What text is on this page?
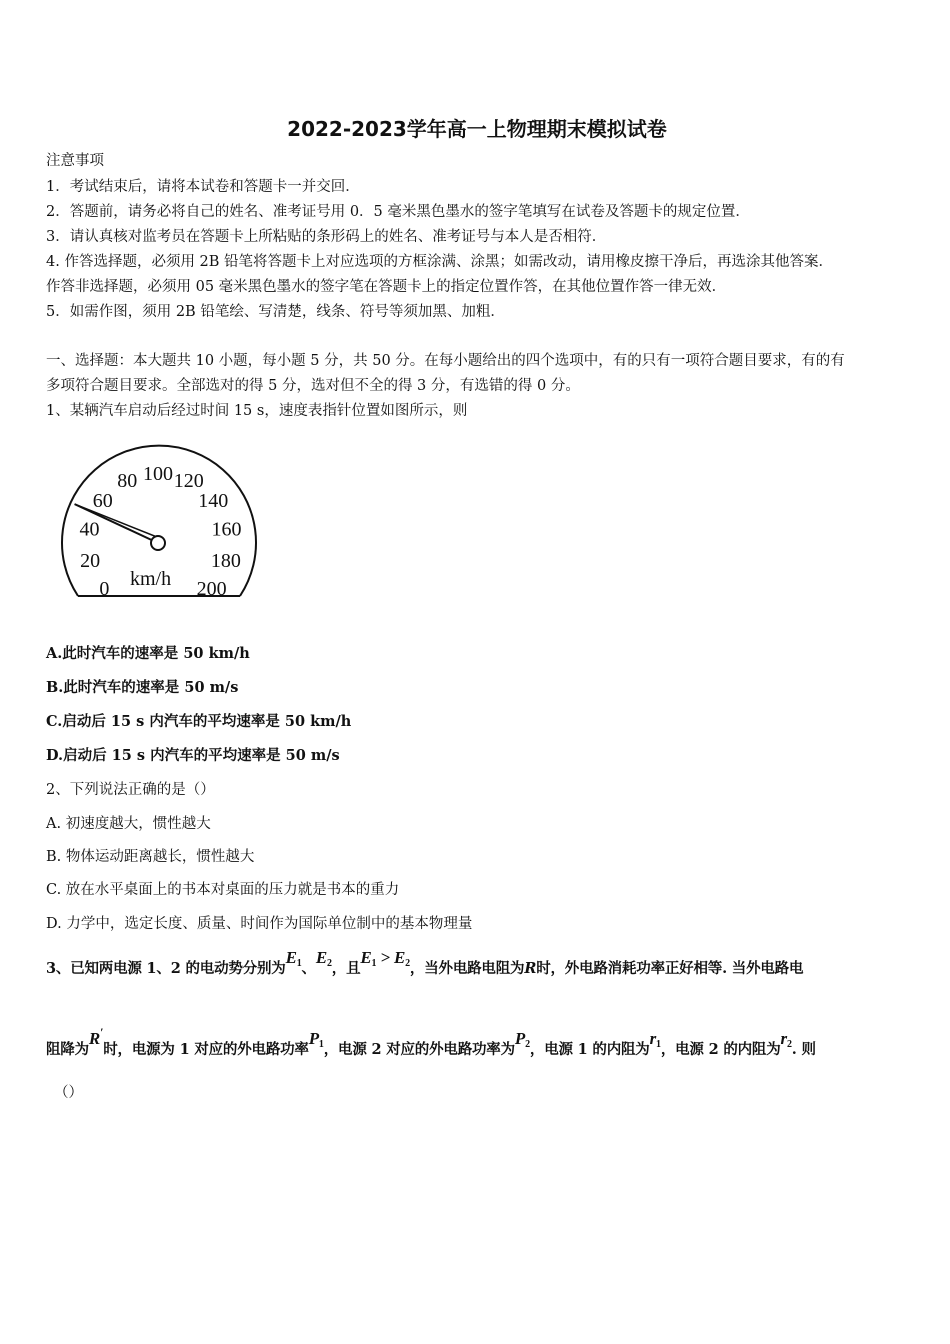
2022-2023学年高一上物理期末模拟试卷
注意事项
1．考试结束后，请将本试卷和答题卡一并交回．
2．答题前，请务必将自己的姓名、准考证号用 0．5 毫米黑色墨水的签字笔填写在试卷及答题卡的规定位置．
3．请认真核对监考员在答题卡上所粘贴的条形码上的姓名、准考证号与本人是否相符．
4. 作答选择题，必须用 2B 铅笔将答题卡上对应选项的方框涂满、涂黑；如需改动，请用橡皮擦干净后，再选涂其他答案．
作答非选择题，必须用 05 毫米黑色墨水的签字笔在答题卡上的指定位置作答，在其他位置作答一律无效．
5．如需作图，须用 2B 铅笔绘、写清楚，线条、符号等须加黑、加粗．
一、选择题：本大题共 10 小题，每小题 5 分，共 50 分。在每小题给出的四个选项中，有的只有一项符合题目要求，有的有
多项符合题目要求。全部选对的得 5 分，选对但不全的得 3 分，有选错的得 0 分。
1、某辆汽车启动后经过时间 15 s，速度表指针位置如图所示，则
0
20
40
60
80 100 120
140
160
180
200
km/h
A.此时汽车的速率是 50 km/h
B.此时汽车的速率是 50 m/s
C.启动后 15 s 内汽车的平均速率是 50 km/h
D.启动后 15 s 内汽车的平均速率是 50 m/s
2、下列说法正确的是（）
A. 初速度越大，惯性越大
B. 物体运动距离越长，惯性越大
C. 放在水平桌面上的书本对桌面的压力就是书本的重力
D. 力学中，选定长度、质量、时间作为国际单位制中的基本物理量
3、已知两电源 1、2 的电动势分别为$E_1$、$E_2$，且$E_1 > E_2$，当外电路电阻为R时，外电路消耗功率正好相等. 当外电路电
阻降为R′时，电源为 1 对应的外电路功率$P_1$，电源 2 对应的外电路功率为$P_2$，电源 1 的内阻为$r_1$，电源 2 的内阻为$r_2$. 则
（）
